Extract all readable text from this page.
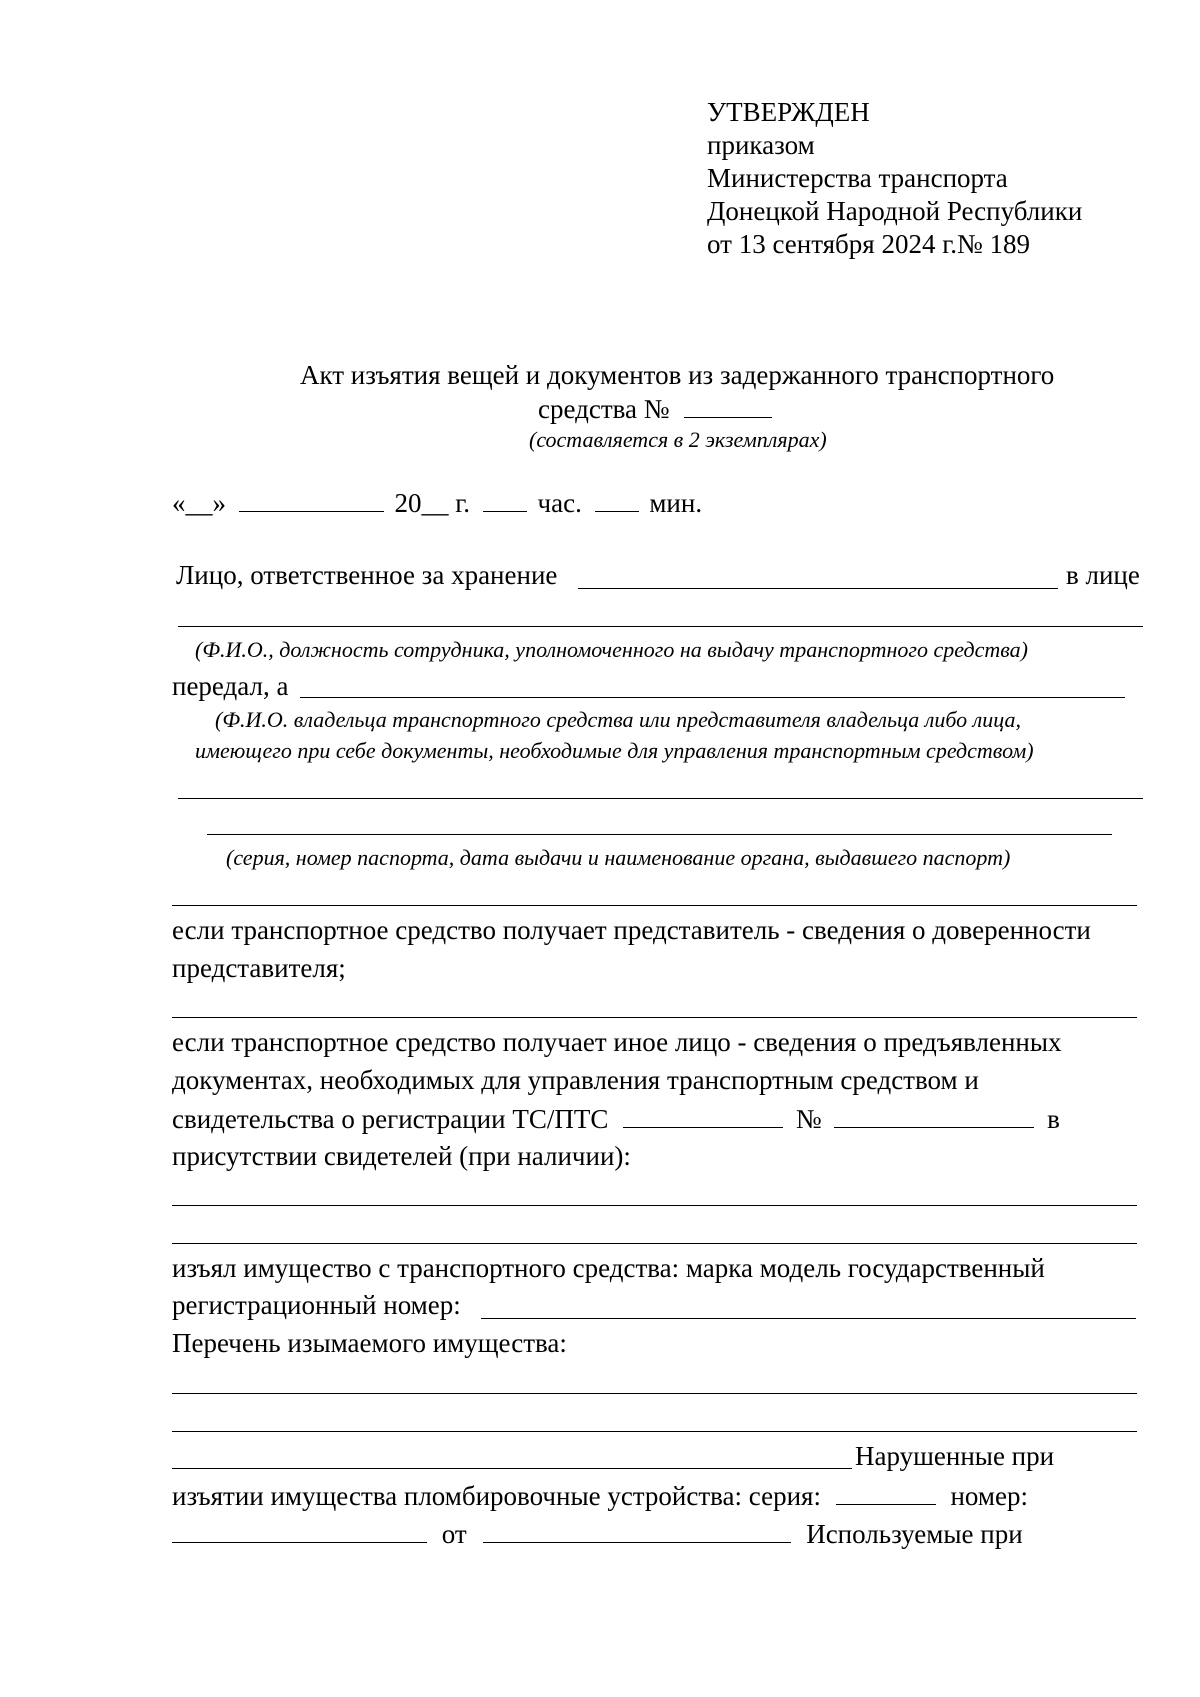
УТВЕРЖДЕН
приказом
Министерства транспорта
Донецкой Народной Республики
от 13 сентября 2024 г.№ 189
Акт изъятия вещей и документов из задержанного транспортного
средства №
(составляется в 2 экземплярах)
«__»	20__ г.	час.	мин.
Лицо, ответственное за хранение	в лице
(Ф.И.О., должность сотрудника, уполномоченного на выдачу транспортного средства)
передал, а
(Ф.И.О. владельца транспортного средства или представителя владельца либо лица,
имеющего при себе документы, необходимые для управления транспортным средством)
(серия, номер паспорта, дата выдачи и наименование органа, выдавшего паспорт)
если транспортное средство получает представитель - сведения о доверенности
представителя;
если транспортное средство получает иное лицо - сведения о предъявленных
документах, необходимых для управления транспортным средством и
свидетельства о регистрации ТС/ПТС	№	в
присутствии свидетелей (при наличии):
изъял имущество с транспортного средства: марка модель государственный
регистрационный номер:
Перечень изымаемого имущества:
Нарушенные при
изъятии имущества пломбировочные устройства: серия:	номер:
от	Используемые при
